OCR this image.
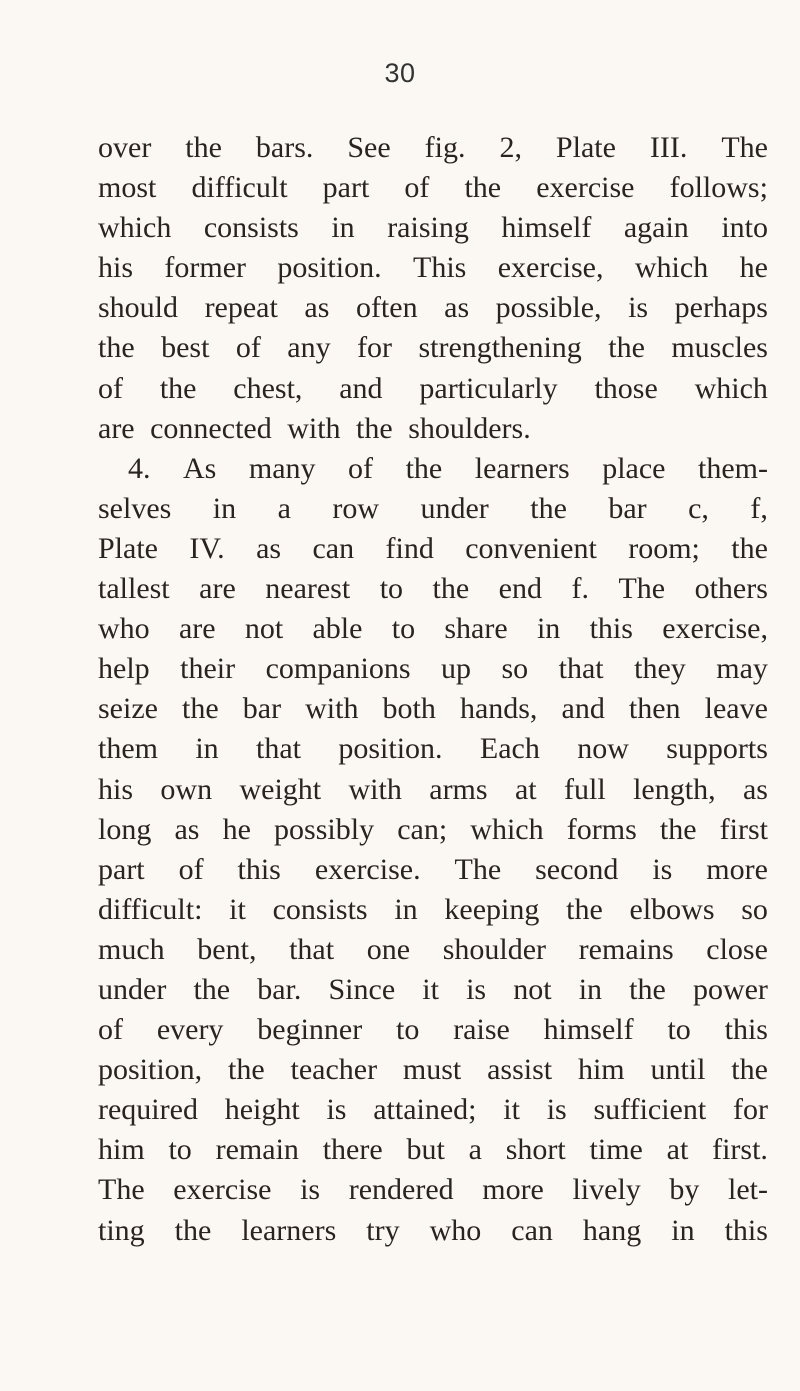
30
over the bars. See fig. 2, Plate III. The
most difficult part of the exercise follows;
which consists in raising himself again into
his former position. This exercise, which he
should repeat as often as possible, is perhaps
the best of any for strengthening the muscles
of the chest, and particularly those which
are connected with the shoulders.
4. As many of the learners place them-
selves in a row under the bar c, f,
Plate IV. as can find convenient room; the
tallest are nearest to the end f. The others
who are not able to share in this exercise,
help their companions up so that they may
seize the bar with both hands, and then leave
them in that position. Each now supports
his own weight with arms at full length, as
long as he possibly can; which forms the first
part of this exercise. The second is more
difficult: it consists in keeping the elbows so
much bent, that one shoulder remains close
under the bar. Since it is not in the power
of every beginner to raise himself to this
position, the teacher must assist him until the
required height is attained; it is sufficient for
him to remain there but a short time at first.
The exercise is rendered more lively by let-
ting the learners try who can hang in this
